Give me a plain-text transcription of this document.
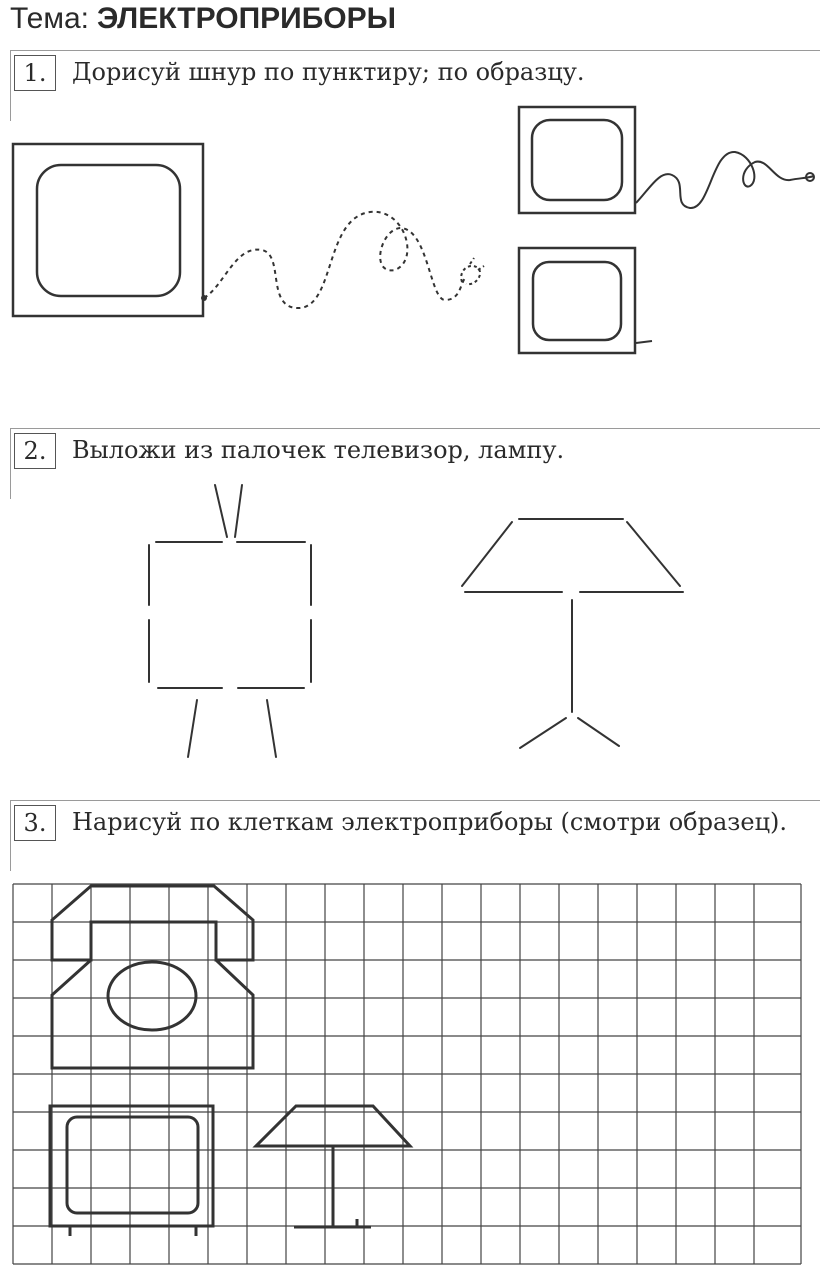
Тема: ЭЛЕКТРОПРИБОРЫ
1.	Дорисуй шнур по пунктиру; по образцу.
2.	Выложи из палочек телевизор, лампу.
3.	Нарисуй по клеткам электроприборы (смотри образец).
